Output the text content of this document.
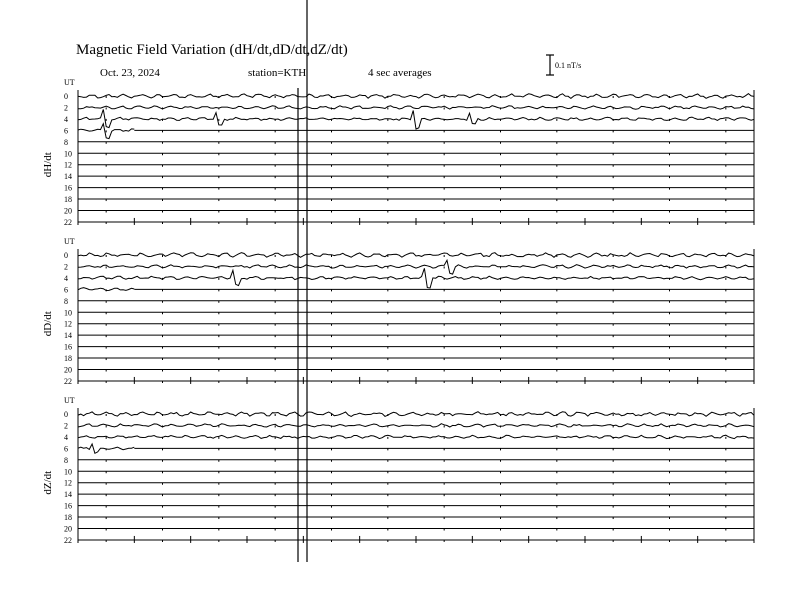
Magnetic Field Variation (dH/dt,dD/dt,dZ/dt)
Oct. 23, 2024	station=KTH	4 sec averages
0.1 nT/s
UT
dH/dt
0
2
4
6
8
10
12
14
16
18
20
22
UT
dD/dt
0
2
4
6
8
10
12
14
16
18
20
22
UT
dZ/dt
0
2
4
6
8
10
12
14
16
18
20
22
